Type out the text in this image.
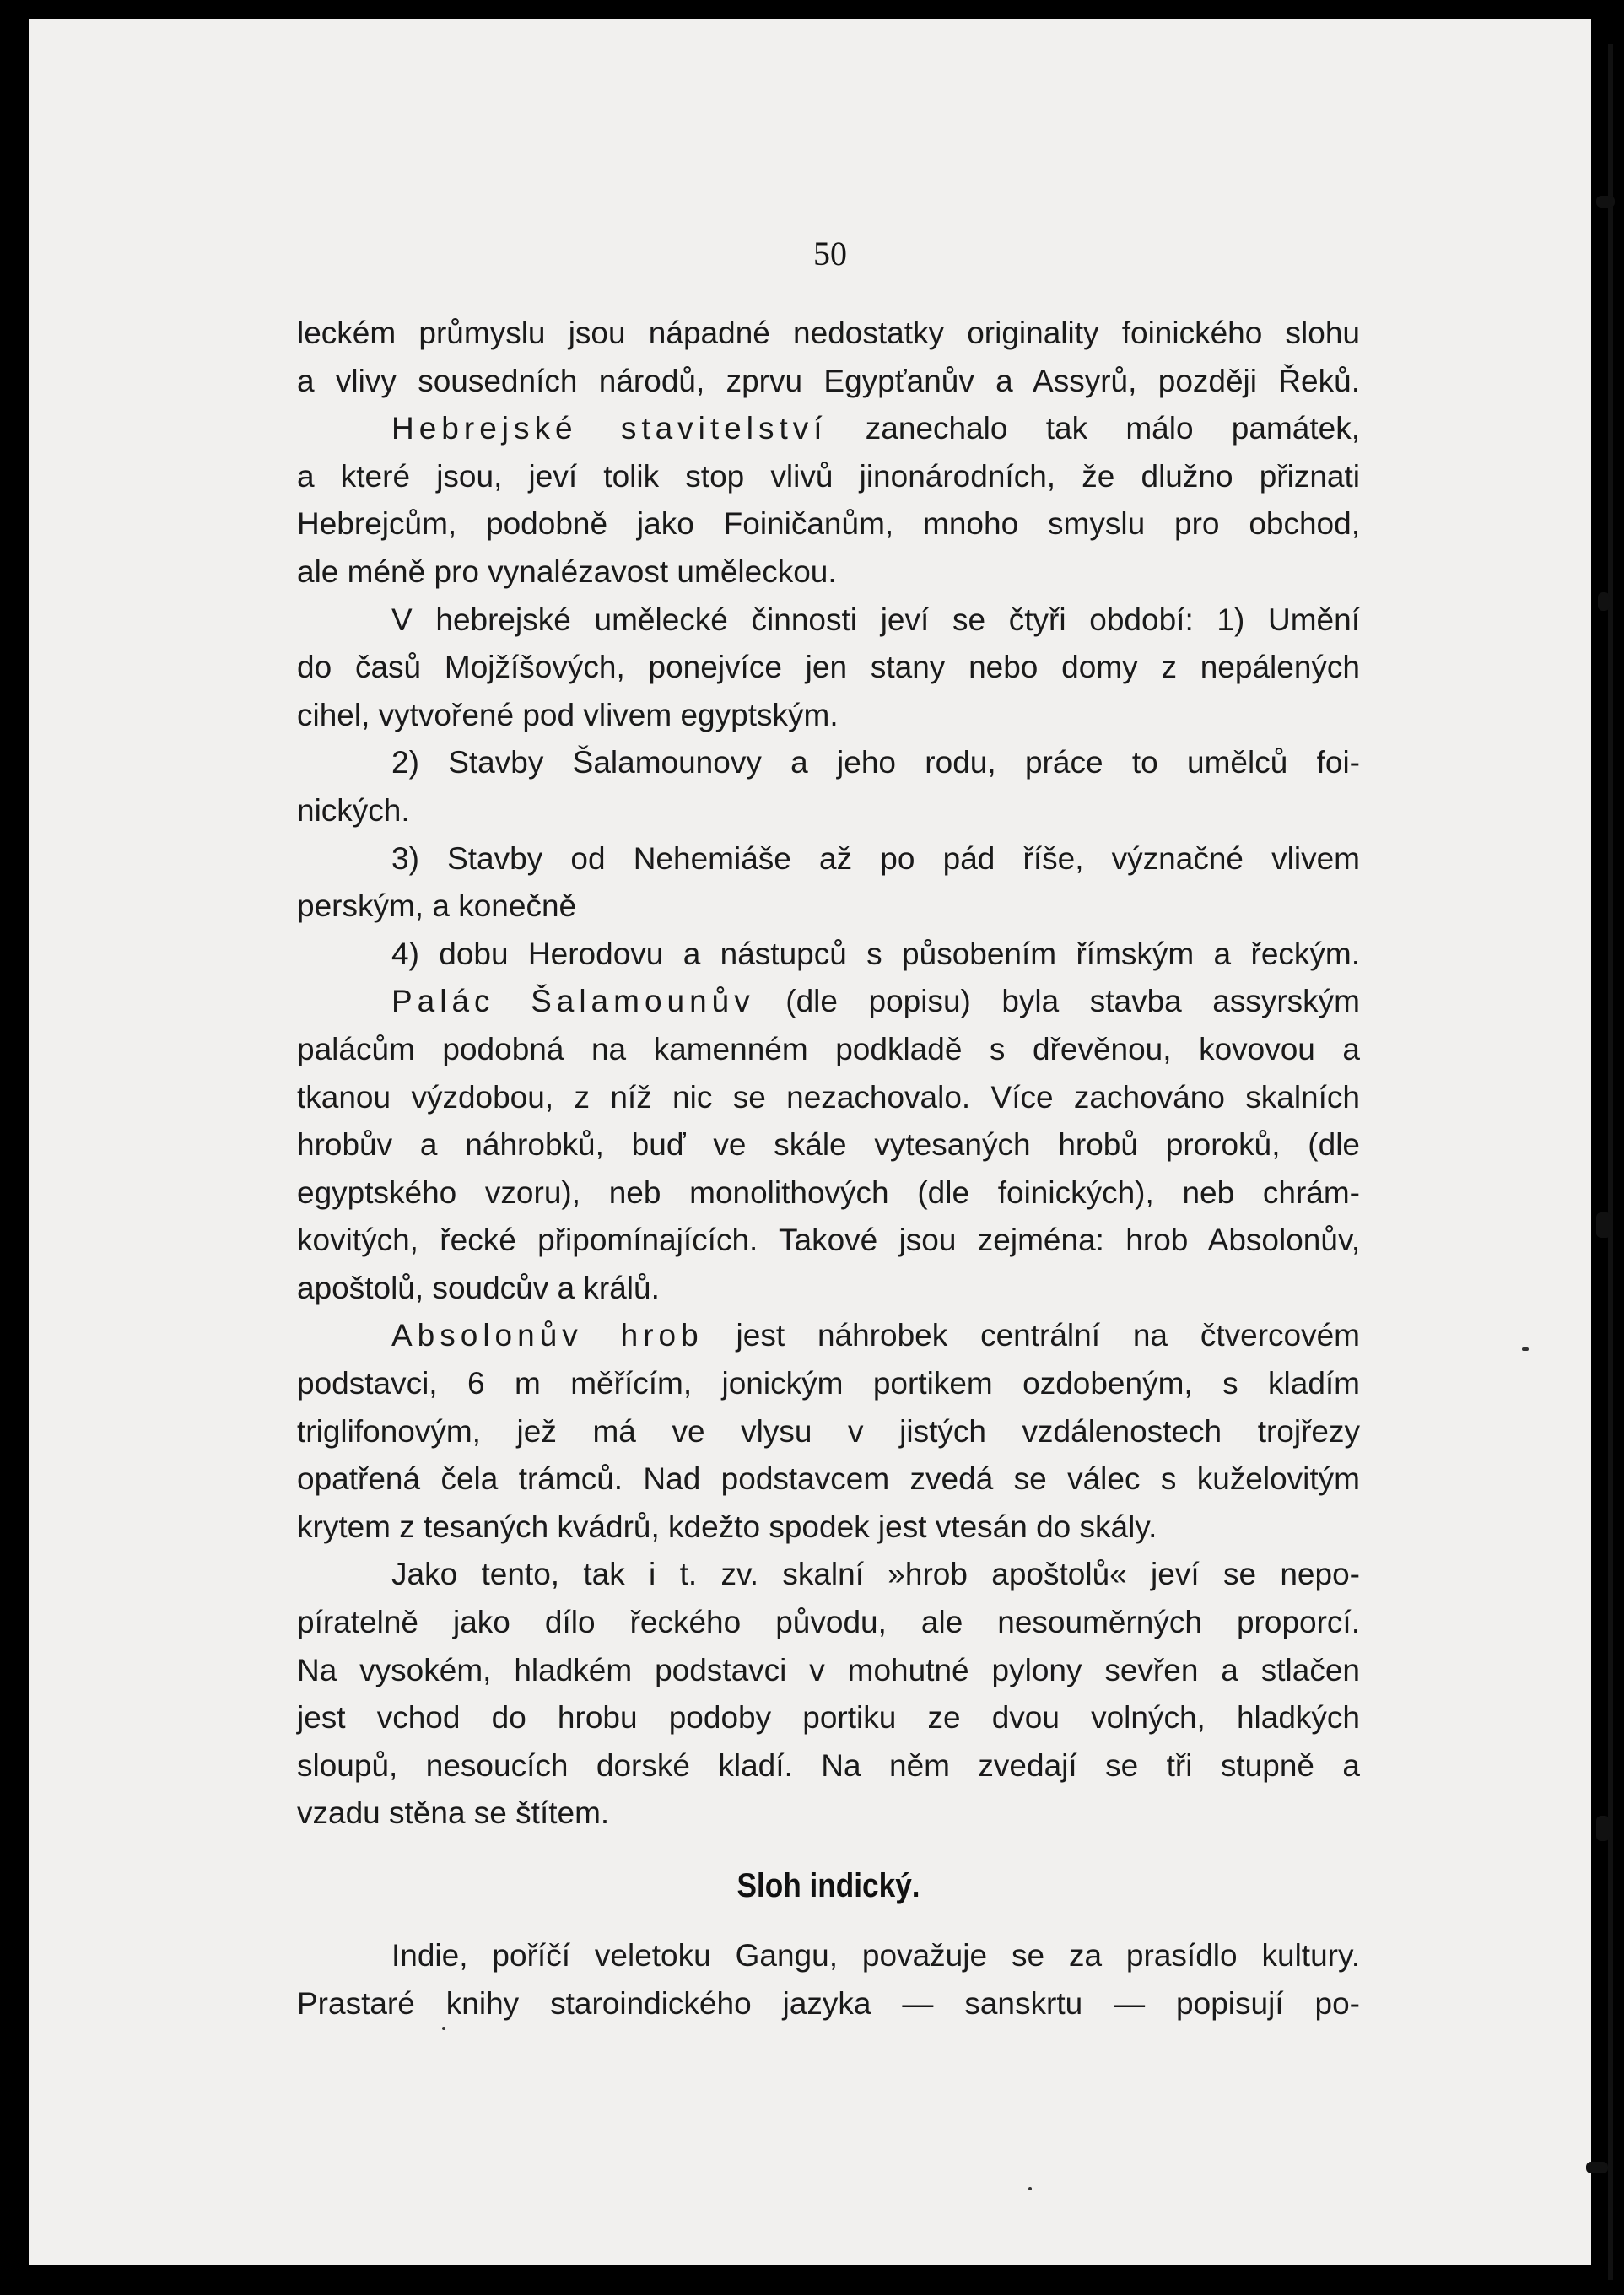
50
leckém průmyslu jsou nápadné nedostatky originality foinického slohu
a vlivy sousedních národů, zprvu Egypťanův a Assyrů, později Řeků.
Hebrejské stavitelství zanechalo tak málo památek,
a které jsou, jeví tolik stop vlivů jinonárodních, že dlužno přiznati
Hebrejcům, podobně jako Foiničanům, mnoho smyslu pro obchod,
ale méně pro vynalézavost uměleckou.
V hebrejské umělecké činnosti jeví se čtyři období: 1) Umění
do časů Mojžíšových, ponejvíce jen stany nebo domy z nepálených
cihel, vytvořené pod vlivem egyptským.
2) Stavby Šalamounovy a jeho rodu, práce to umělců foi-
nických.
3) Stavby od Nehemiáše až po pád říše, význačné vlivem
perským, a konečně
4) dobu Herodovu a nástupců s působením římským a řeckým.
Palác Šalamounův (dle popisu) byla stavba assyrským
palácům podobná na kamenném podkladě s dřevěnou, kovovou a
tkanou výzdobou, z níž nic se nezachovalo. Více zachováno skalních
hrobův a náhrobků, buď ve skále vytesaných hrobů proroků, (dle
egyptského vzoru), neb monolithových (dle foinických), neb chrám-
kovitých, řecké připomínajících. Takové jsou zejména: hrob Absolonův,
apoštolů, soudcův a králů.
Absolonův hrob jest náhrobek centrální na čtvercovém
podstavci, 6 m měřícím, jonickým portikem ozdobeným, s kladím
triglifonovým, jež má ve vlysu v jistých vzdálenostech trojřezy
opatřená čela trámců. Nad podstavcem zvedá se válec s kuželovitým
krytem z tesaných kvádrů, kdežto spodek jest vtesán do skály.
Jako tento, tak i t. zv. skalní »hrob apoštolů« jeví se nepo-
píratelně jako dílo řeckého původu, ale nesouměrných proporcí.
Na vysokém, hladkém podstavci v mohutné pylony sevřen a stlačen
jest vchod do hrobu podoby portiku ze dvou volných, hladkých
sloupů, nesoucích dorské kladí. Na něm zvedají se tři stupně a
vzadu stěna se štítem.
Sloh indický.
Indie, poříčí veletoku Gangu, považuje se za prasídlo kultury.
Prastaré knihy staroindického jazyka — sanskrtu — popisují po-
